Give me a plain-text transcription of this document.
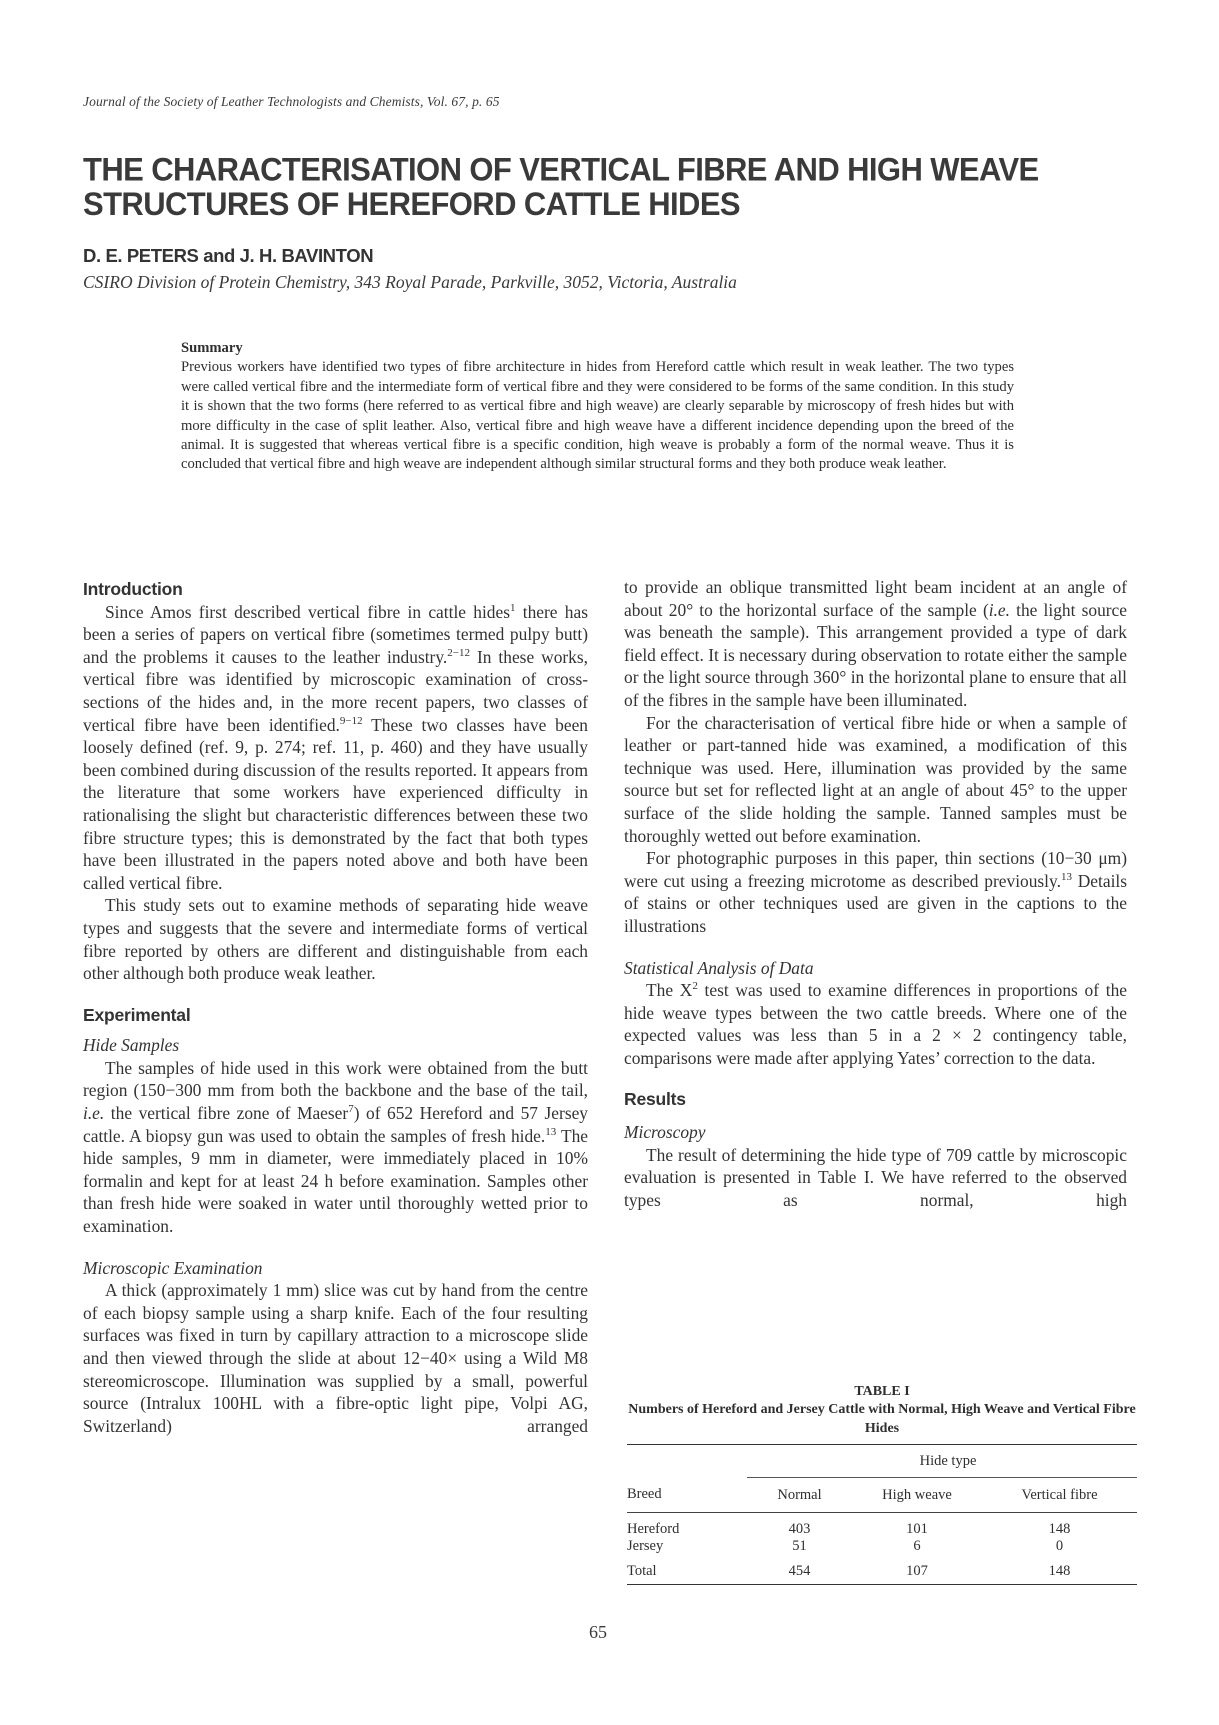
Journal of the Society of Leather Technologists and Chemists, Vol. 67, p. 65
THE CHARACTERISATION OF VERTICAL FIBRE AND HIGH WEAVE STRUCTURES OF HEREFORD CATTLE HIDES
D. E. PETERS and J. H. BAVINTON
CSIRO Division of Protein Chemistry, 343 Royal Parade, Parkville, 3052, Victoria, Australia
Summary

Previous workers have identified two types of fibre architecture in hides from Hereford cattle which result in weak leather. The two types were called vertical fibre and the intermediate form of vertical fibre and they were considered to be forms of the same condition. In this study it is shown that the two forms (here referred to as vertical fibre and high weave) are clearly separable by microscopy of fresh hides but with more difficulty in the case of split leather. Also, vertical fibre and high weave have a different incidence depending upon the breed of the animal. It is suggested that whereas vertical fibre is a specific condition, high weave is probably a form of the normal weave. Thus it is concluded that vertical fibre and high weave are independent although similar structural forms and they both produce weak leather.

Introduction

Since Amos first described vertical fibre in cattle hides$^1$ there has been a series of papers on vertical fibre (sometimes termed pulpy butt) and the problems it causes to the leather industry.$^{2-12}$ In these works, vertical fibre was identified by microscopic examination of cross-sections of the hides and, in the more recent papers, two classes of vertical fibre have been identified.$^{9-12}$ These two classes have been loosely defined (ref. 9, p. 274; ref. 11, p. 460) and they have usually been combined during discussion of the results reported. It appears from the literature that some workers have experienced difficulty in rationalising the slight but characteristic differences between these two fibre structure types; this is demonstrated by the fact that both types have been illustrated in the papers noted above and both have been called vertical fibre.

This study sets out to examine methods of separating hide weave types and suggests that the severe and intermediate forms of vertical fibre reported by others are different and distinguishable from each other although both produce weak leather.

Experimental
Hide Samples

The samples of hide used in this work were obtained from the butt region (150−300 mm from both the backbone and the base of the tail, i.e. the vertical fibre zone of Maeser$^7$) of 652 Hereford and 57 Jersey cattle. A biopsy gun was used to obtain the samples of fresh hide.$^{13}$ The hide samples, 9 mm in diameter, were immediately placed in 10% formalin and kept for at least 24 h before examination. Samples other than fresh hide were soaked in water until thoroughly wetted prior to examination.

Microscopic Examination

A thick (approximately 1 mm) slice was cut by hand from the centre of each biopsy sample using a sharp knife. Each of the four resulting surfaces was fixed in turn by capillary attraction to a microscope slide and then viewed through the slide at about 12−40× using a Wild M8 stereomicroscope. Illumination was supplied by a small, powerful source (Intralux 100HL with a fibre-optic light pipe, Volpi AG, Switzerland) arranged

to provide an oblique transmitted light beam incident at an angle of about 20° to the horizontal surface of the sample (i.e. the light source was beneath the sample). This arrangement provided a type of dark field effect. It is necessary during observation to rotate either the sample or the light source through 360° in the horizontal plane to ensure that all of the fibres in the sample have been illuminated.

For the characterisation of vertical fibre hide or when a sample of leather or part-tanned hide was examined, a modification of this technique was used. Here, illumination was provided by the same source but set for reflected light at an angle of about 45° to the upper surface of the slide holding the sample. Tanned samples must be thoroughly wetted out before examination.

For photographic purposes in this paper, thin sections (10−30 μm) were cut using a freezing microtome as described previously.$^{13}$ Details of stains or other techniques used are given in the captions to the illustrations

Statistical Analysis of Data

The $X^2$ test was used to examine differences in proportions of the hide weave types between the two cattle breeds. Where one of the expected values was less than 5 in a 2 × 2 contingency table, comparisons were made after applying Yates’ correction to the data.

Results
Microscopy

The result of determining the hide type of 709 cattle by microscopic evaluation is presented in Table I. We have referred to the observed types as normal, high

TABLE I
Numbers of Hereford and Jersey Cattle with Normal, High Weave and Vertical Fibre Hides
	Hide type		
Breed	Normal	High weave	Vertical fibre
Hereford	403	101	148
Jersey	51	6	0
Total	454	107	148
65
